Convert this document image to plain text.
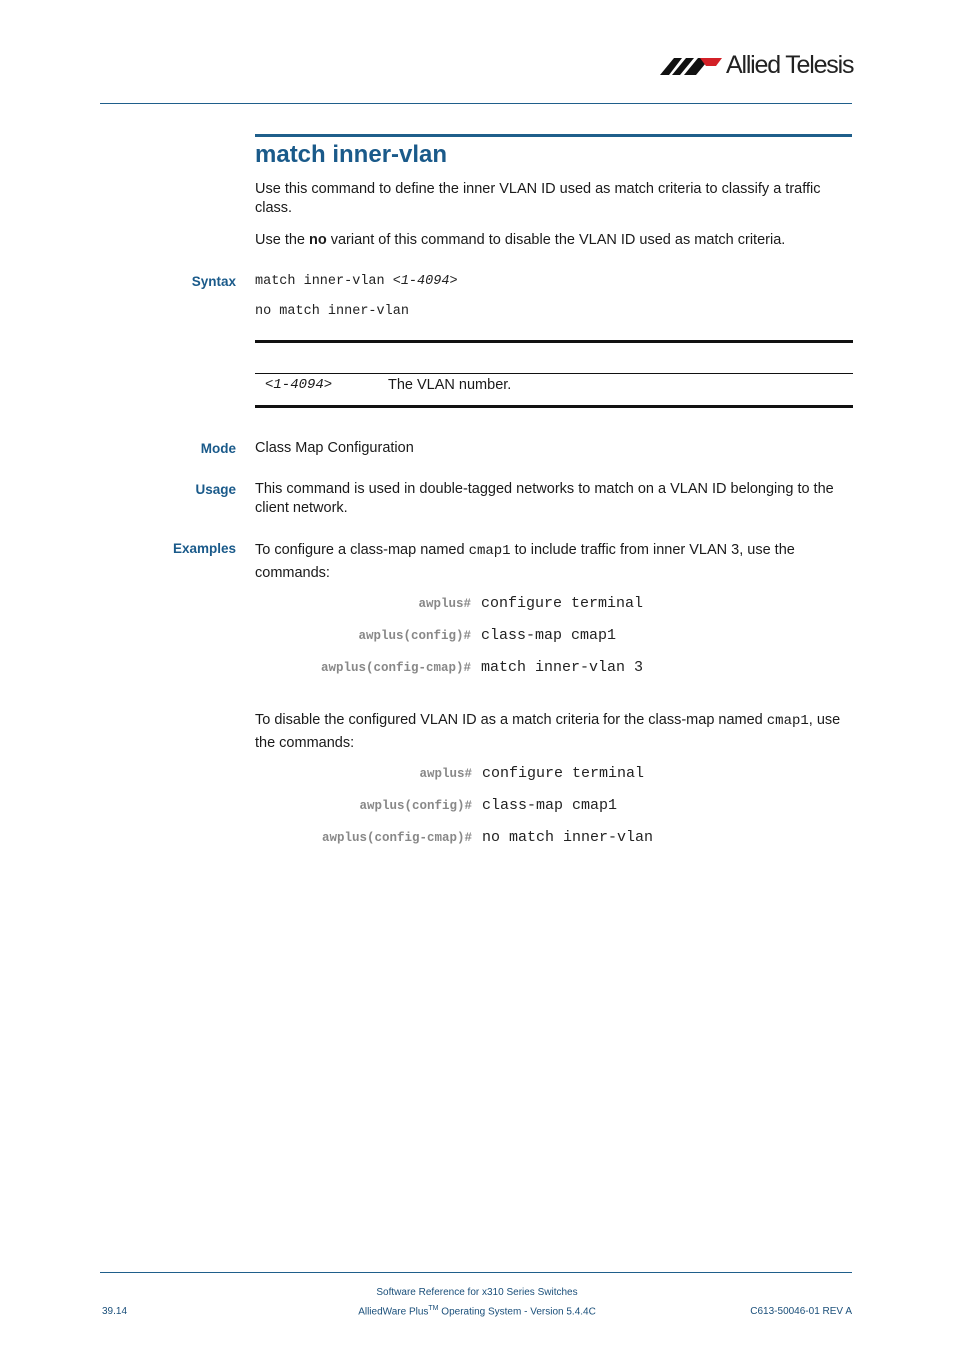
Allied Telesis
match inner-vlan

Use this command to define the inner VLAN ID used as match criteria to classify a traffic class.

Use the no variant of this command to disable the VLAN ID used as match criteria.

Syntax match inner-vlan <1-4094>
no match inner-vlan
<1-4094>	The VLAN number.
Mode Class Map Configuration

Usage This command is used in double-tagged networks to match on a VLAN ID belonging to the client network.

Examples To configure a class-map named cmap1 to include traffic from inner VLAN 3, use the commands:

awplus# configure terminal
awplus(config)# class-map cmap1
awplus(config-cmap)# match inner-vlan 3

To disable the configured VLAN ID as a match criteria for the class-map named cmap1, use the commands:

awplus# configure terminal
awplus(config)# class-map cmap1
awplus(config-cmap)# no match inner-vlan
Software Reference for x310 Series Switches
AlliedWare Plus™ Operating System - Version 5.4.4C
39.14	C613-50046-01 REV A
